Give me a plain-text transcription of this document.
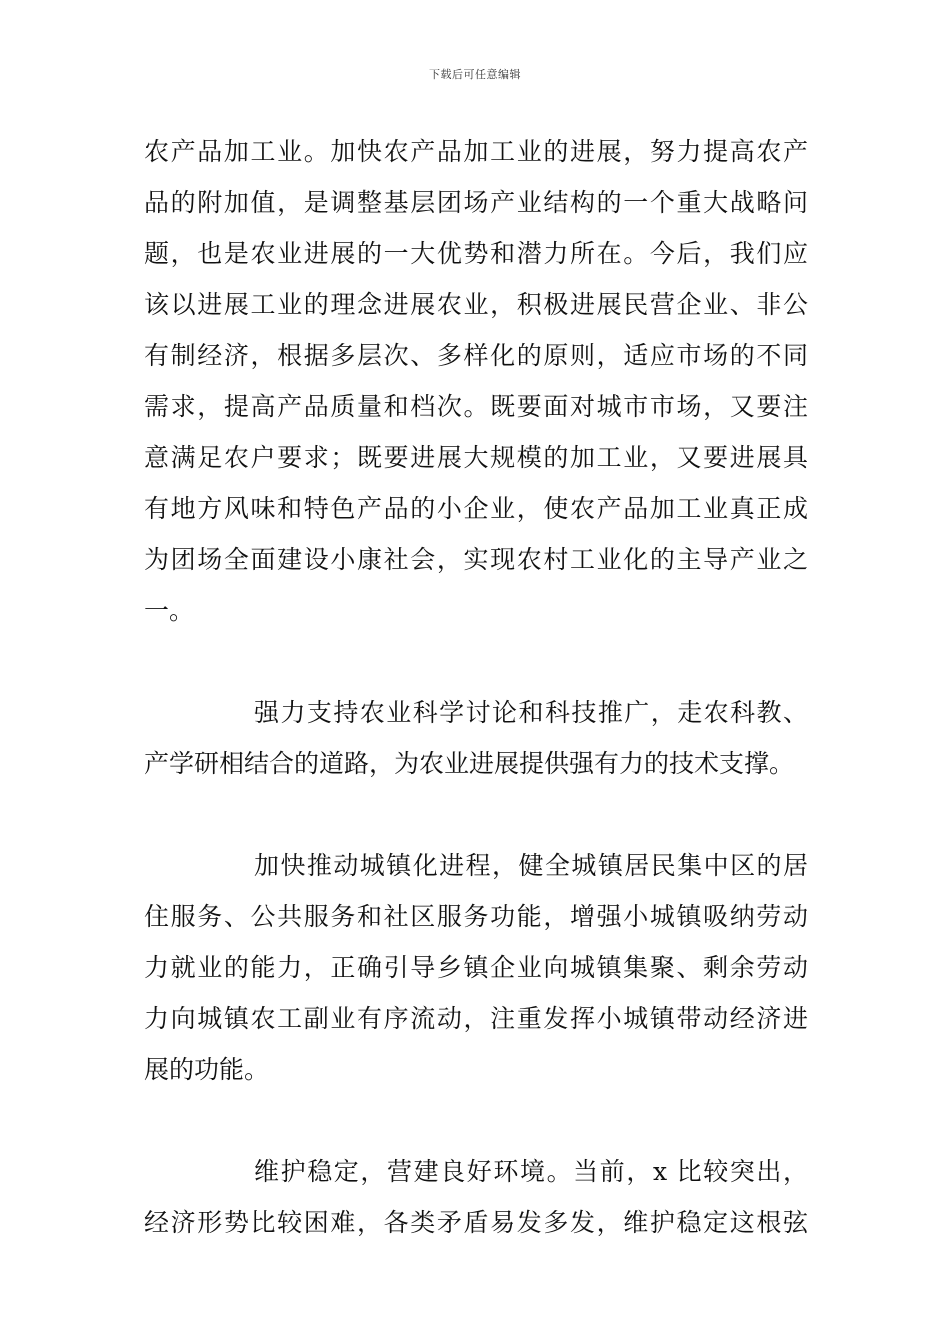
下载后可任意编辑
农产品加工业。加快农产品加工业的进展，努力提高农产
品的附加值，是调整基层团场产业结构的一个重大战略问
题，也是农业进展的一大优势和潜力所在。今后，我们应
该以进展工业的理念进展农业，积极进展民营企业、非公
有制经济，根据多层次、多样化的原则，适应市场的不同
需求，提高产品质量和档次。既要面对城市市场，又要注
意满足农户要求；既要进展大规模的加工业，又要进展具
有地方风味和特色产品的小企业，使农产品加工业真正成
为团场全面建设小康社会，实现农村工业化的主导产业之
一。
强力支持农业科学讨论和科技推广，走农科教、
产学研相结合的道路，为农业进展提供强有力的技术支撑。
加快推动城镇化进程，健全城镇居民集中区的居
住服务、公共服务和社区服务功能，增强小城镇吸纳劳动
力就业的能力，正确引导乡镇企业向城镇集聚、剩余劳动
力向城镇农工副业有序流动，注重发挥小城镇带动经济进
展的功能。
维护稳定，营建良好环境。当前，x 比较突出，
经济形势比较困难，各类矛盾易发多发，维护稳定这根弦
